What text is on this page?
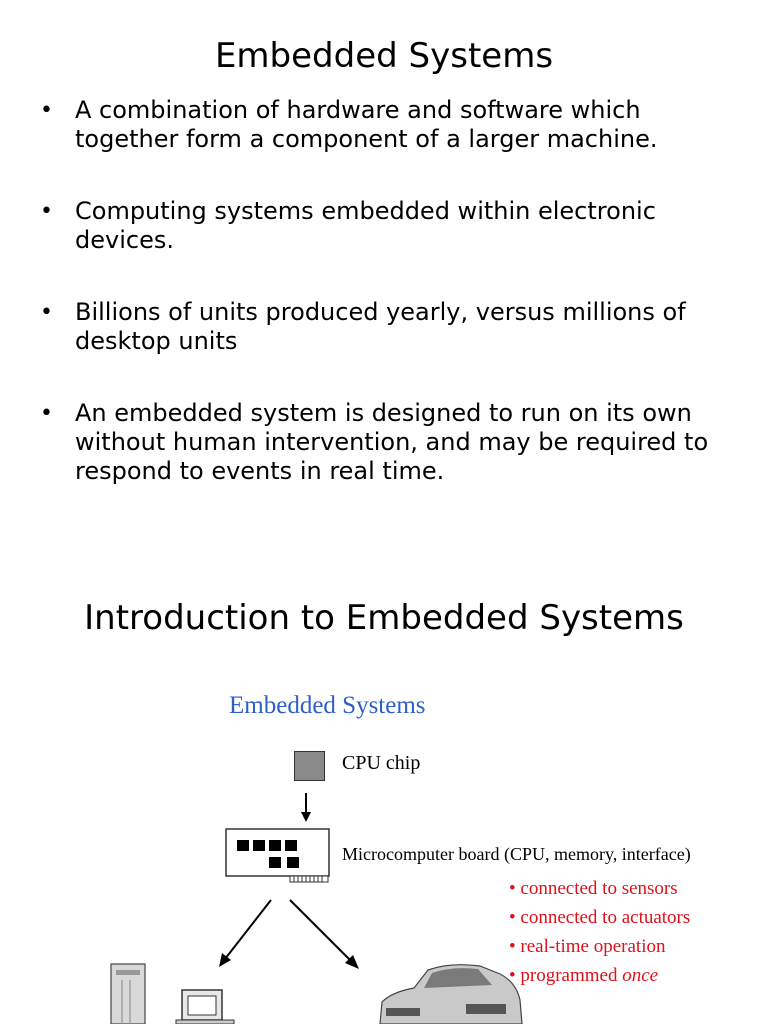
Embedded Systems
• A combination of hardware and software which
together form a component of a larger machine.
• Computing systems embedded within electronic
devices.
• Billions of units produced yearly, versus millions of
desktop units
• An embedded system is designed to run on its own
without human intervention, and may be required to
respond to events in real time.
Introduction to Embedded Systems
Embedded Systems
CPU chip
Microcomputer board (CPU, memory, interface)
• connected to sensors
• connected to actuators
• real-time operation
• programmed once
